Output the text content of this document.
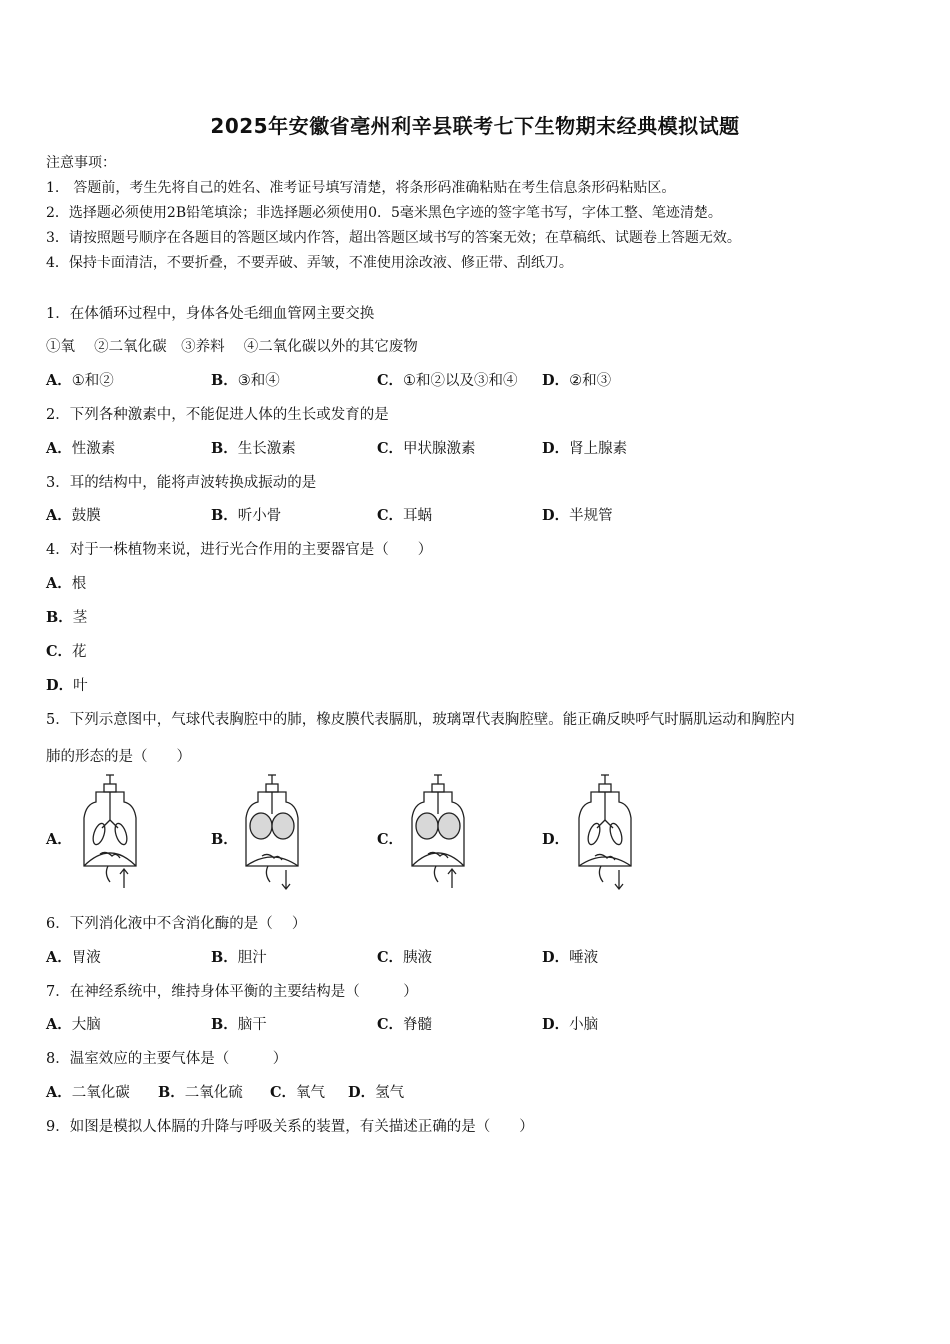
2025年安徽省亳州利辛县联考七下生物期末经典模拟试题
注意事项：
1.　答题前，考生先将自己的姓名、准考证号填写清楚，将条形码准确粘贴在考生信息条形码粘贴区。
2．选择题必须使用2B铅笔填涂；非选择题必须使用0．5毫米黑色字迹的签字笔书写，字体工整、笔迹清楚。
3．请按照题号顺序在各题目的答题区域内作答，超出答题区域书写的答案无效；在草稿纸、试题卷上答题无效。
4．保持卡面清洁，不要折叠，不要弄破、弄皱，不准使用涂改液、修正带、刮纸刀。
1．在体循环过程中，身体各处毛细血管网主要交换
①氧　 ②二氧化碳　③养料　 ④二氧化碳以外的其它废物
A．①和②	B．③和④	C．①和②以及③和④ D．②和③
2．下列各种激素中，不能促进人体的生长或发育的是
A．性激素	B．生长激素	C．甲状腺激素	D．肾上腺素
3．耳的结构中，能将声波转换成振动的是
A．鼓膜	B．听小骨	C．耳蜗	D．半规管
4．对于一株植物来说，进行光合作用的主要器官是（　　）
A．根
B．茎
C．花
D．叶
5．下列示意图中，气球代表胸腔中的肺，橡皮膜代表膈肌，玻璃罩代表胸腔壁。能正确反映呼气时膈肌运动和胸腔内
肺的形态的是（　　）
A．	B．	C．	D．
6．下列消化液中不含消化酶的是（　 ）
A．胃液	B．胆汁	C．胰液	D．唾液
7．在神经系统中，维持身体平衡的主要结构是（　　　）
A．大脑	B．脑干	C．脊髓	D．小脑
8．温室效应的主要气体是（　　　）
A．二氧化碳 B．二氧化硫 C．氧气 D．氢气
9．如图是模拟人体膈的升降与呼吸关系的装置，有关描述正确的是（　　）
